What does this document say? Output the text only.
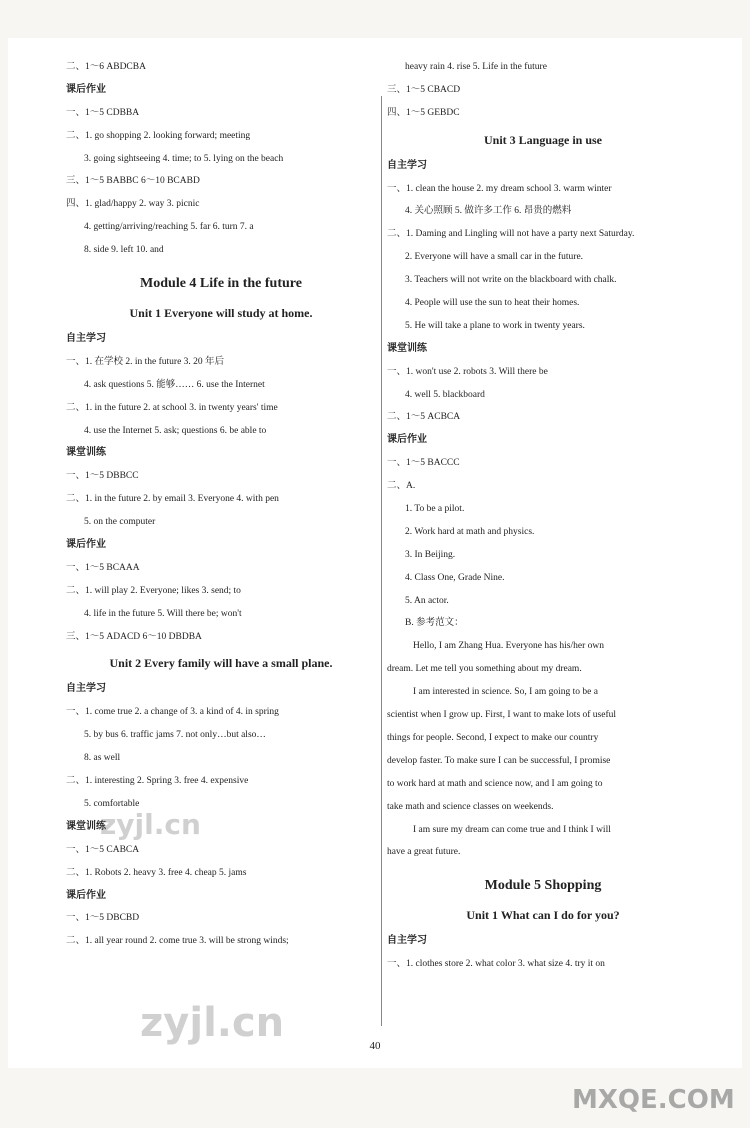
二、1～6 ABDCBA
课后作业
一、1～5 CDBBA
二、1. go shopping 2. looking forward; meeting
3. going sightseeing 4. time; to 5. lying on the beach
三、1～5 BABBC 6～10 BCABD
四、1. glad/happy 2. way 3. picnic
4. getting/arriving/reaching 5. far 6. turn 7. a
8. side 9. left 10. and
Module 4 Life in the future
Unit 1 Everyone will study at home.
自主学习
一、1. 在学校 2. in the future 3. 20 年后
4. ask questions 5. 能够…… 6. use the Internet
二、1. in the future 2. at school 3. in twenty years' time
4. use the Internet 5. ask; questions 6. be able to
课堂训练
一、1～5 DBBCC
二、1. in the future 2. by email 3. Everyone 4. with pen
5. on the computer
课后作业
一、1～5 BCAAA
二、1. will play 2. Everyone; likes 3. send; to
4. life in the future 5. Will there be; won't
三、1～5 ADACD 6～10 DBDBA
Unit 2 Every family will have a small plane.
自主学习
一、1. come true 2. a change of 3. a kind of 4. in spring
5. by bus 6. traffic jams 7. not only…but also…
8. as well
二、1. interesting 2. Spring 3. free 4. expensive
5. comfortable
课堂训练
一、1～5 CABCA
二、1. Robots 2. heavy 3. free 4. cheap 5. jams
课后作业
一、1～5 DBCBD
二、1. all year round 2. come true 3. will be strong winds;
heavy rain 4. rise 5. Life in the future
三、1～5 CBACD
四、1～5 GEBDC
Unit 3 Language in use
自主学习
一、1. clean the house 2. my dream school 3. warm winter
4. 关心照顾 5. 做许多工作 6. 昂贵的燃料
二、1. Daming and Lingling will not have a party next Saturday.
2. Everyone will have a small car in the future.
3. Teachers will not write on the blackboard with chalk.
4. People will use the sun to heat their homes.
5. He will take a plane to work in twenty years.
课堂训练
一、1. won't use 2. robots 3. Will there be
4. well 5. blackboard
二、1～5 ACBCA
课后作业
一、1～5 BACCC
二、A.
1. To be a pilot.
2. Work hard at math and physics.
3. In Beijing.
4. Class One, Grade Nine.
5. An actor.
B. 参考范文：
Hello, I am Zhang Hua. Everyone has his/her own
dream. Let me tell you something about my dream.
I am interested in science. So, I am going to be a
scientist when I grow up. First, I want to make lots of useful
things for people. Second, I expect to make our country
develop faster. To make sure I can be successful, I promise
to work hard at math and science now, and I am going to
take math and science classes on weekends.
I am sure my dream can come true and I think I will
have a great future.
Module 5 Shopping
Unit 1 What can I do for you?
自主学习
一、1. clothes store 2. what color 3. what size 4. try it on
40
zyjl.cn
zyjl.cn
MXQE.COM
